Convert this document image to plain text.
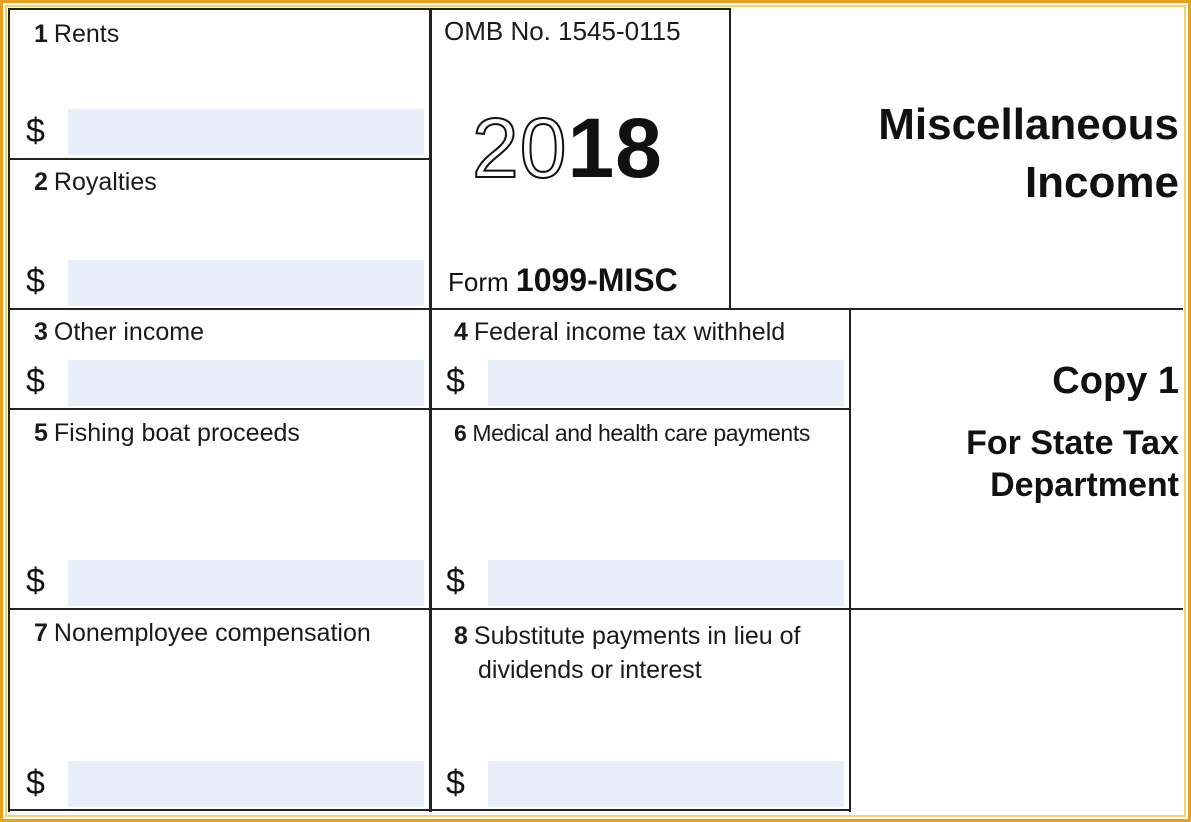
1 Rents
$
2 Royalties
$
OMB No. 1545-0115
2018
Form 1099-MISC
Miscellaneous
Income
3 Other income
$
4 Federal income tax withheld
$	Copy 1
For State Tax
Department
5 Fishing boat proceeds
$
6 Medical and health care payments
$
7 Nonemployee compensation
$
8 Substitute payments in lieu of
dividends or interest
$
